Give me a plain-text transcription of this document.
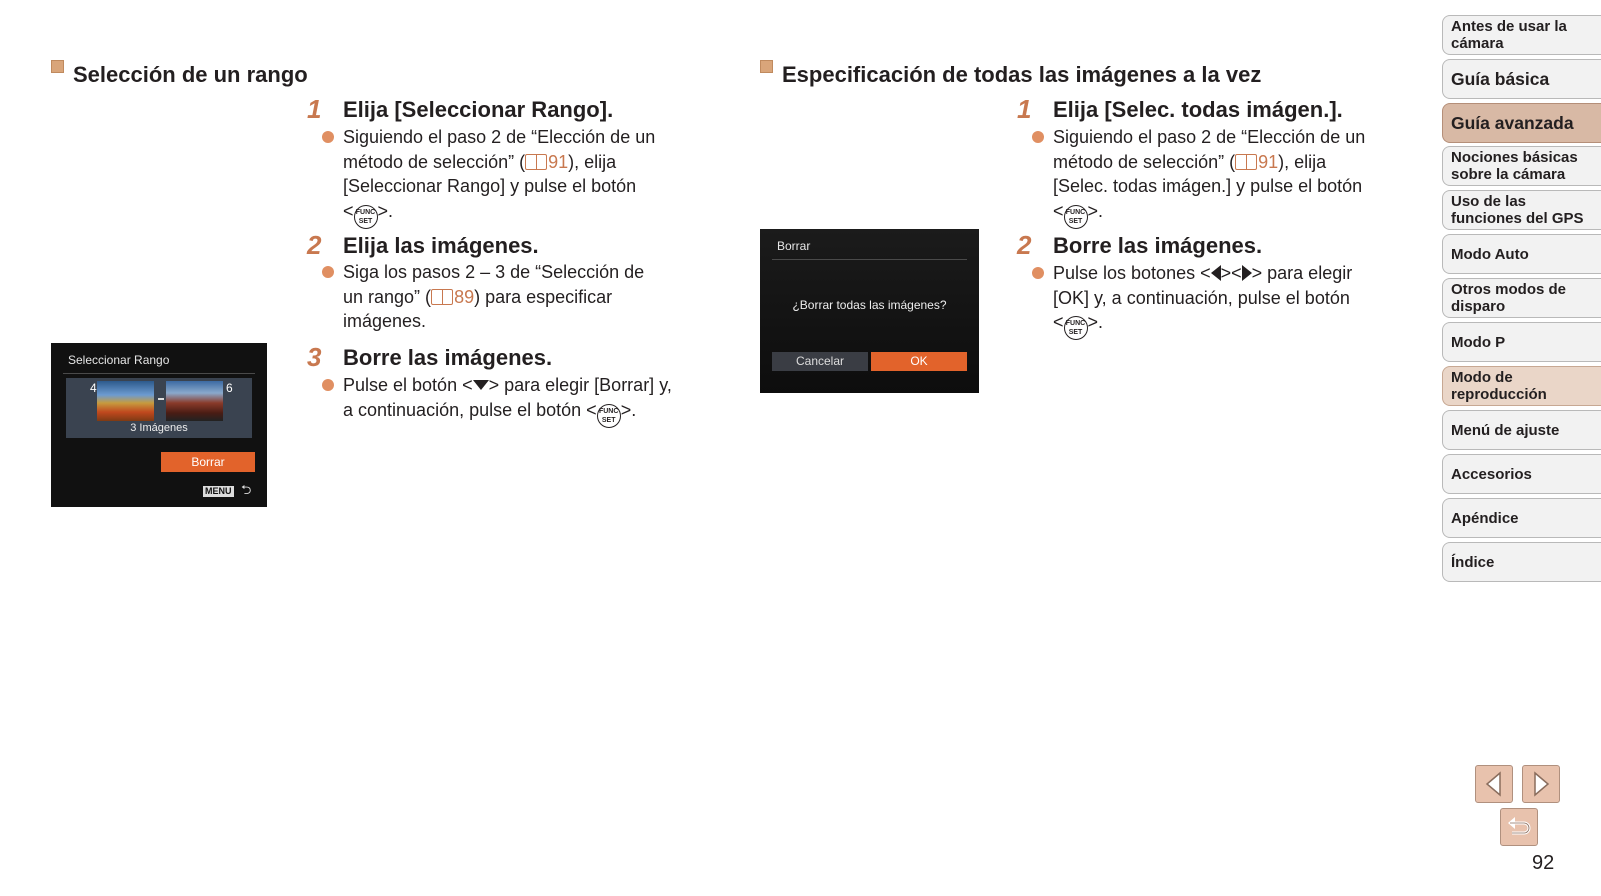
Selección de un rango
1 Elija [Seleccionar Rango].
Siguiendo el paso 2 de “Elección de un
método de selección” ( 91), elija
[Seleccionar Rango] y pulse el botón
< FUNC SET>.
2 Elija las imágenes.
Siga los pasos 2 – 3 de “Selección de
un rango” ( 89) para especificar
imágenes.
3 Borre las imágenes.
Pulse el botón < > para elegir [Borrar] y,
a continuación, pulse el botón < FUNC SET>.
Seleccionar Rango
4	6
3 Imágenes
Borrar
MENU ⮌
Especificación de todas las imágenes a la vez
1 Elija [Selec. todas imágen.].
Siguiendo el paso 2 de “Elección de un
método de selección” ( 91), elija
[Selec. todas imágen.] y pulse el botón
< FUNC SET>.
2 Borre las imágenes.
Pulse los botones < >< > para elegir
[OK] y, a continuación, pulse el botón
< FUNC SET>.
Borrar
¿Borrar todas las imágenes?
Cancelar	OK
Antes de usar la cámara
Guía básica
Guía avanzada
Nociones básicas sobre la cámara
Uso de las funciones del GPS
Modo Auto
Otros modos de disparo
Modo P
Modo de reproducción
Menú de ajuste
Accesorios
Apéndice
Índice
92
